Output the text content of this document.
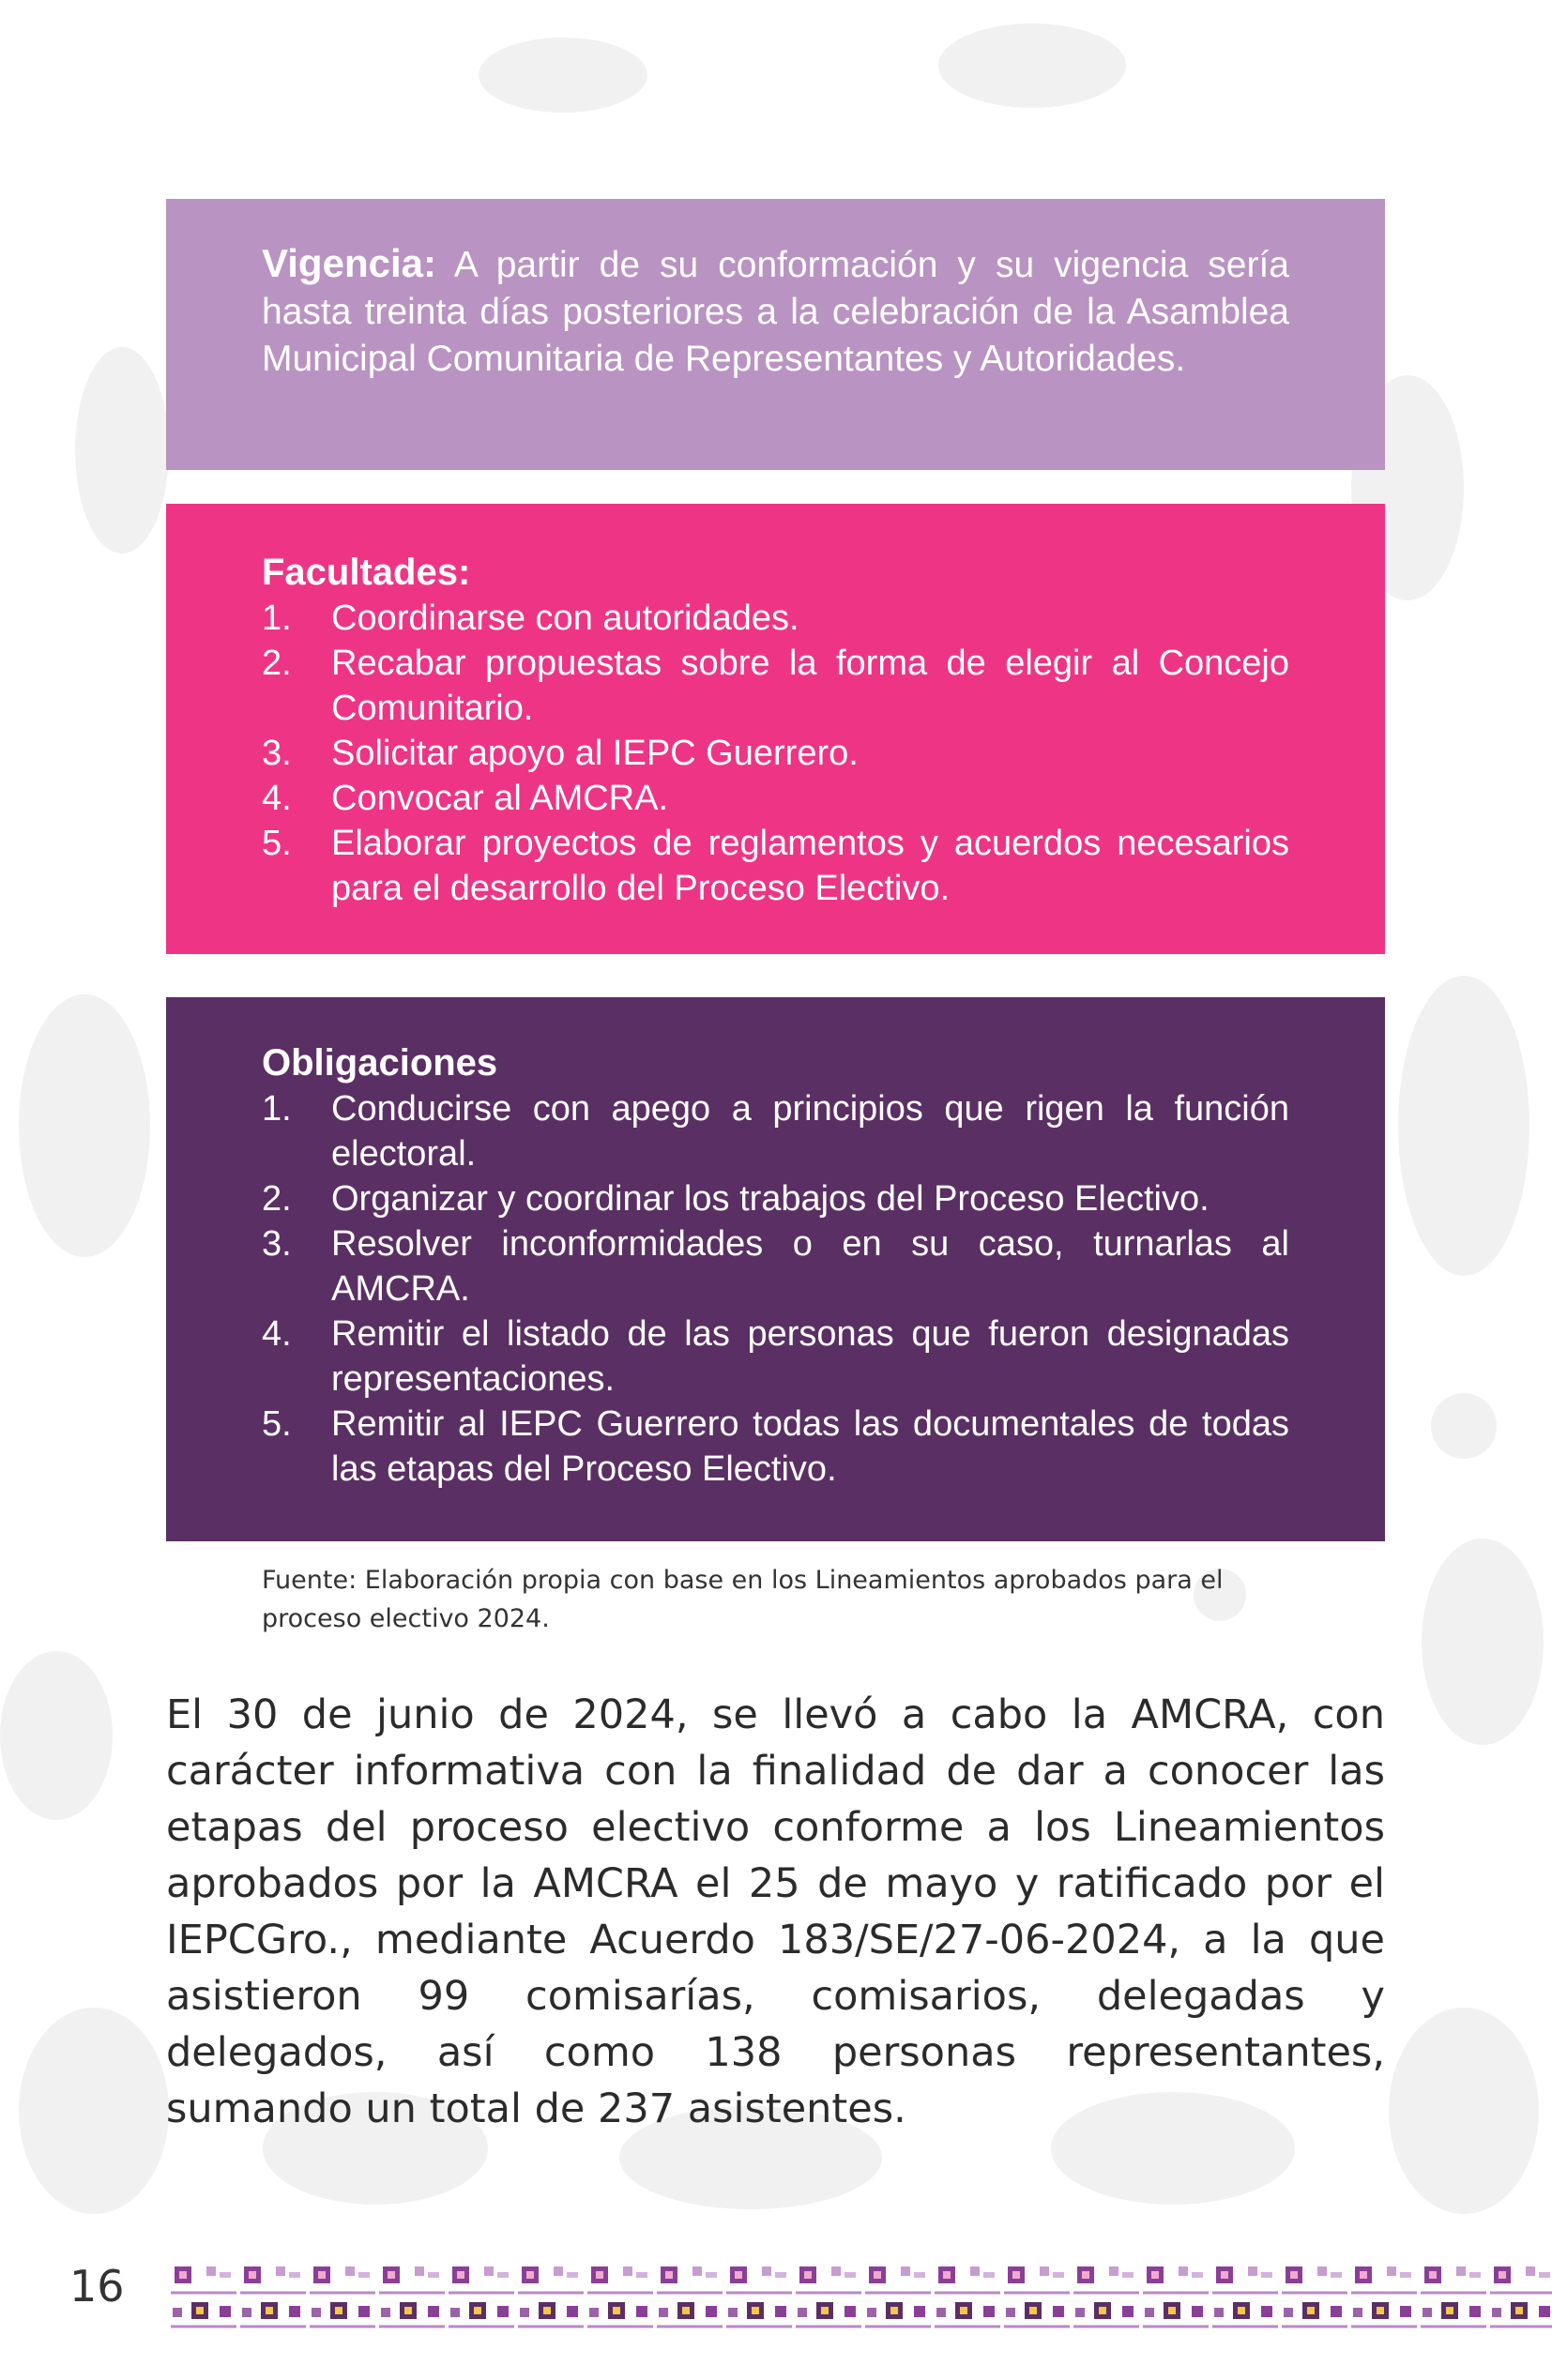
Vigencia: A partir de su conformación y su vigencia sería hasta treinta días posteriores a la celebración de la Asamblea Municipal Comunitaria de Representantes y Autoridades.

Facultades:

1. Coordinarse con autoridades.
2. Recabar propuestas sobre la forma de elegir al Concejo Comunitario.
3. Solicitar apoyo al IEPC Guerrero.
4. Convocar al AMCRA.
5. Elaborar proyectos de reglamentos y acuerdos necesarios para el desarrollo del Proceso Electivo.

Obligaciones

1. Conducirse con apego a principios que rigen la función electoral.
2. Organizar y coordinar los trabajos del Proceso Electivo.
3. Resolver inconformidades o en su caso, turnarlas al AMCRA.
4. Remitir el listado de las personas que fueron designadas representaciones.
5. Remitir al IEPC Guerrero todas las documentales de todas las etapas del Proceso Electivo.
Fuente: Elaboración propia con base en los Lineamientos aprobados para el proceso electivo 2024.

El 30 de junio de 2024, se llevó a cabo la AMCRA, con carácter informativa con la finalidad de dar a conocer las etapas del proceso electivo conforme a los Lineamientos aprobados por la AMCRA el 25 de mayo y ratificado por el IEPCGro., mediante Acuerdo 183/SE/27-06-2024, a la que asistieron 99 comisarías, comisarios, delegadas y delegados, así como 138 personas representantes, sumando un total de 237 asistentes.

16
